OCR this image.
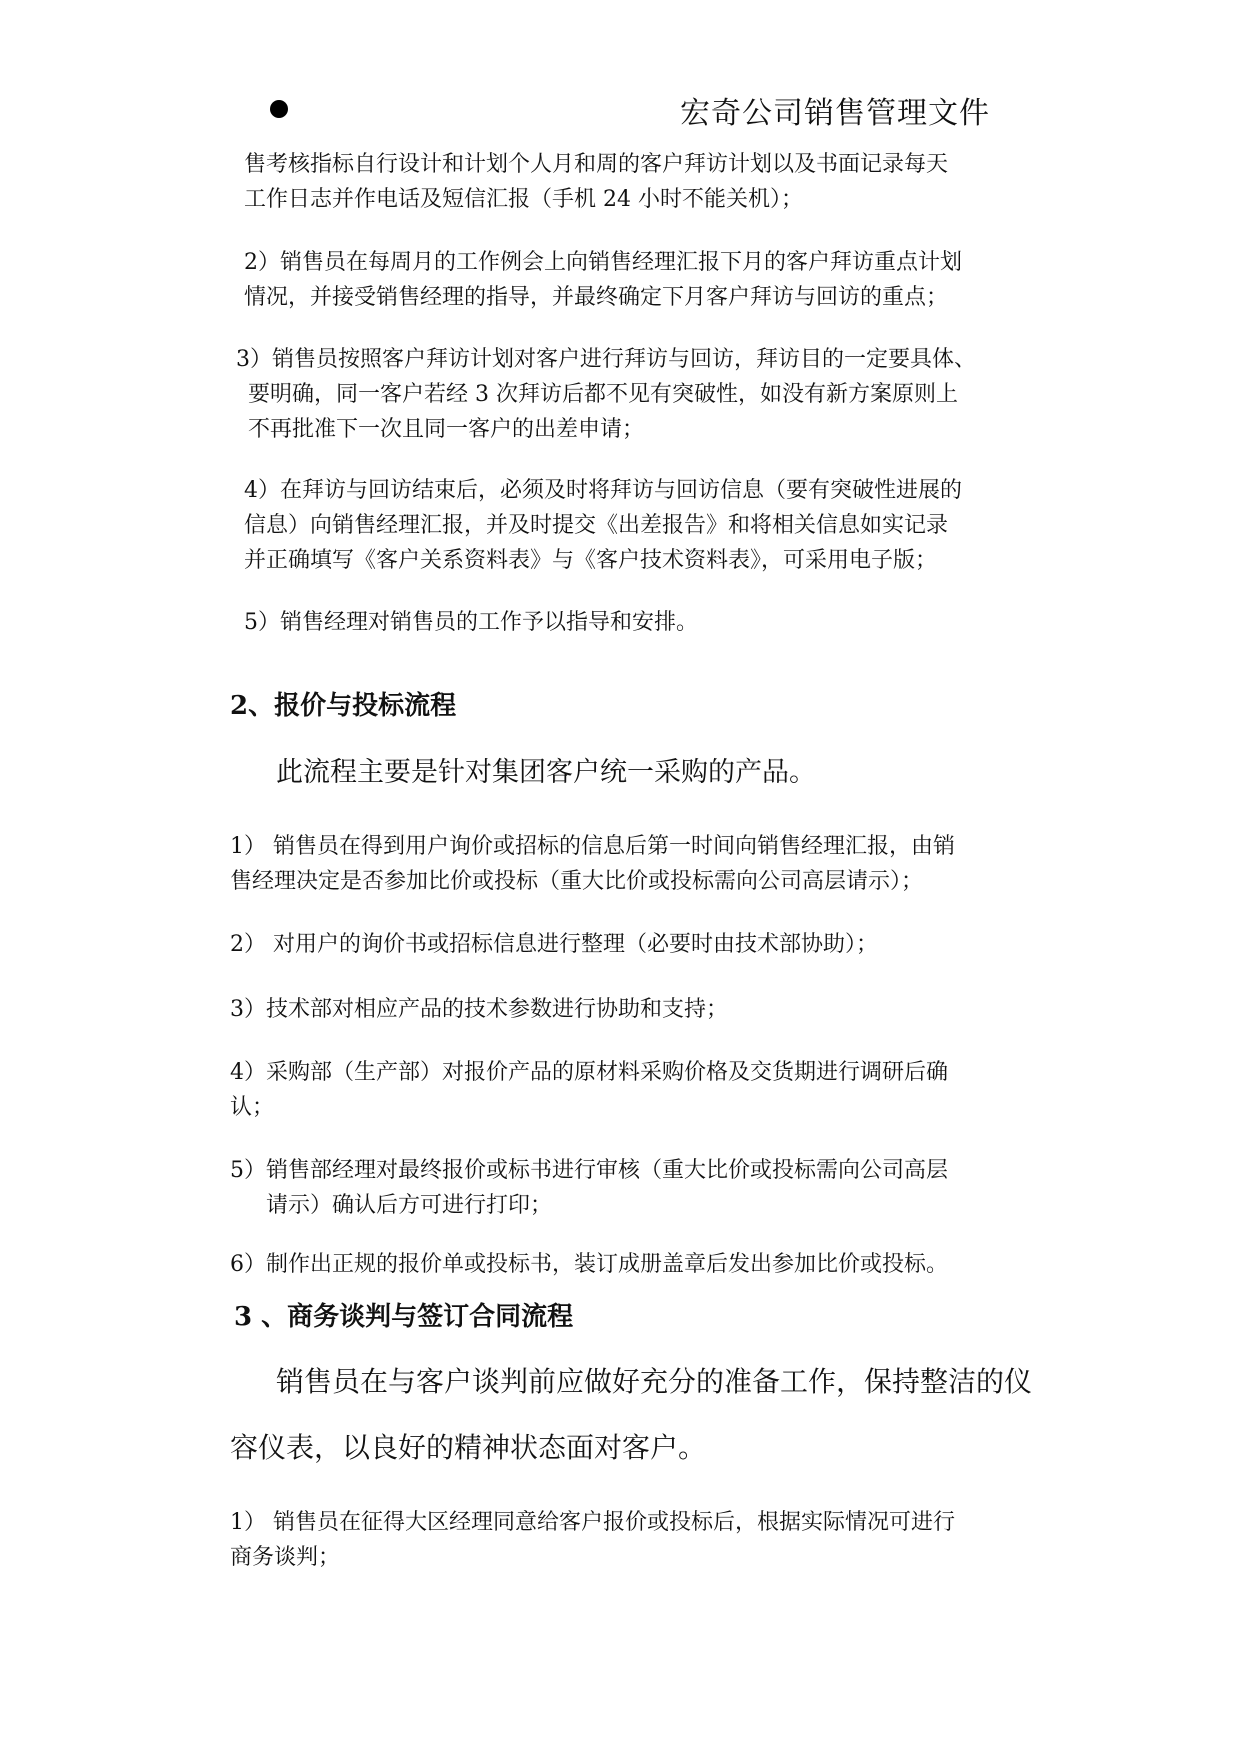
宏奇公司销售管理文件
售考核指标自行设计和计划个人月和周的客户拜访计划以及书面记录每天
工作日志并作电话及短信汇报（手机 24 小时不能关机）；
2）销售员在每周月的工作例会上向销售经理汇报下月的客户拜访重点计划
情况，并接受销售经理的指导，并最终确定下月客户拜访与回访的重点；
3）销售员按照客户拜访计划对客户进行拜访与回访，拜访目的一定要具体、
要明确，同一客户若经 3 次拜访后都不见有突破性，如没有新方案原则上
不再批准下一次且同一客户的出差申请；
4）在拜访与回访结束后，必须及时将拜访与回访信息（要有突破性进展的
信息）向销售经理汇报，并及时提交《出差报告》和将相关信息如实记录
并正确填写《客户关系资料表》与《客户技术资料表》，可采用电子版；
5）销售经理对销售员的工作予以指导和安排。
2、报价与投标流程
此流程主要是针对集团客户统一采购的产品。
1） 销售员在得到用户询价或招标的信息后第一时间向销售经理汇报，由销
售经理决定是否参加比价或投标（重大比价或投标需向公司高层请示）；
2） 对用户的询价书或招标信息进行整理（必要时由技术部协助）；
3）技术部对相应产品的技术参数进行协助和支持；
4）采购部（生产部）对报价产品的原材料采购价格及交货期进行调研后确
认；
5）销售部经理对最终报价或标书进行审核（重大比价或投标需向公司高层
请示）确认后方可进行打印；
6）制作出正规的报价单或投标书，装订成册盖章后发出参加比价或投标。
3 、商务谈判与签订合同流程
销售员在与客户谈判前应做好充分的准备工作，保持整洁的仪
容仪表，以良好的精神状态面对客户。
1） 销售员在征得大区经理同意给客户报价或投标后，根据实际情况可进行
商务谈判；
